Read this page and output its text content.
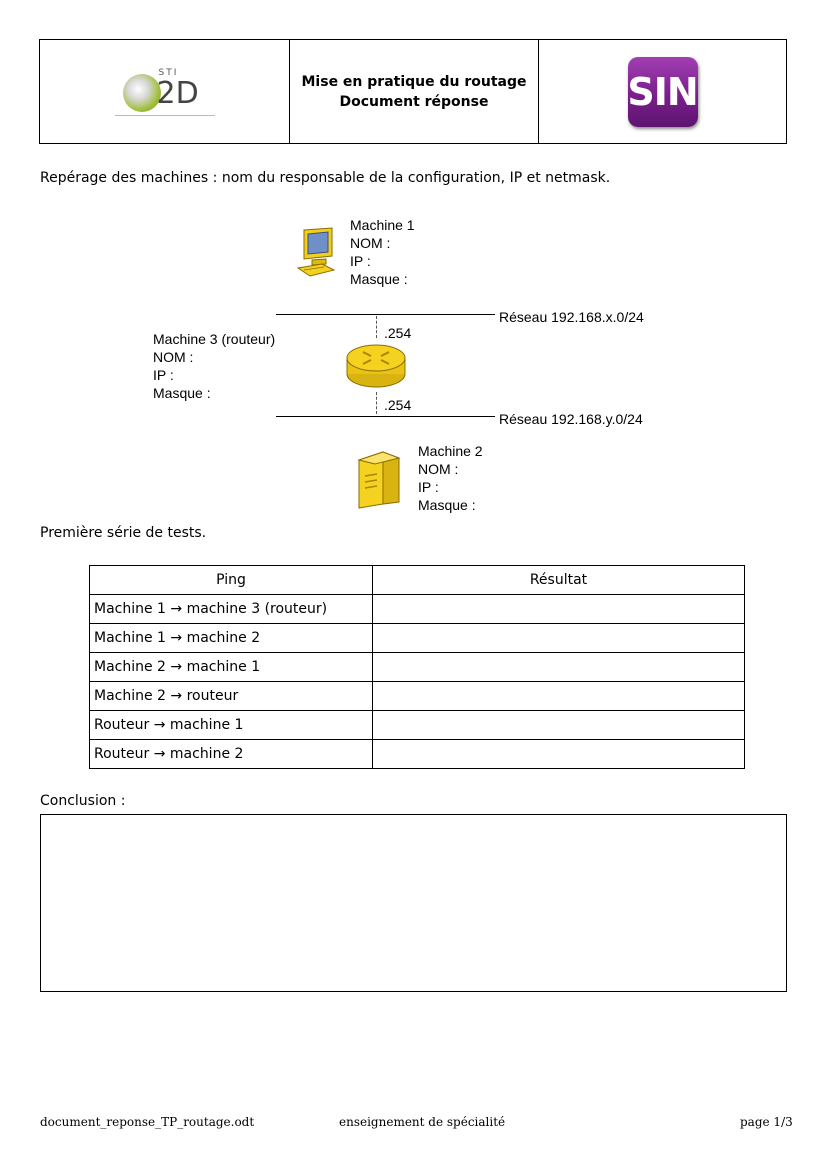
STI
2D	Mise en pratique du routage
Document réponse	SIN
Repérage des machines : nom du responsable de la configuration, IP et netmask.
Machine 1
NOM :
IP :
Masque :
Réseau 192.168.x.0/24
.254
Machine 3 (routeur)
NOM :
IP :
Masque :
.254
Réseau 192.168.y.0/24
Machine 2
NOM :
IP :
Masque :
Première série de tests.
Ping	Résultat
Machine 1 → machine 3 (routeur)	
Machine 1 → machine 2	
Machine 2 → machine 1	
Machine 2 → routeur	
Routeur → machine 1	
Routeur → machine 2	
Conclusion :
document_reponse_TP_routage.odt	enseignement de spécialité	page 1/3
